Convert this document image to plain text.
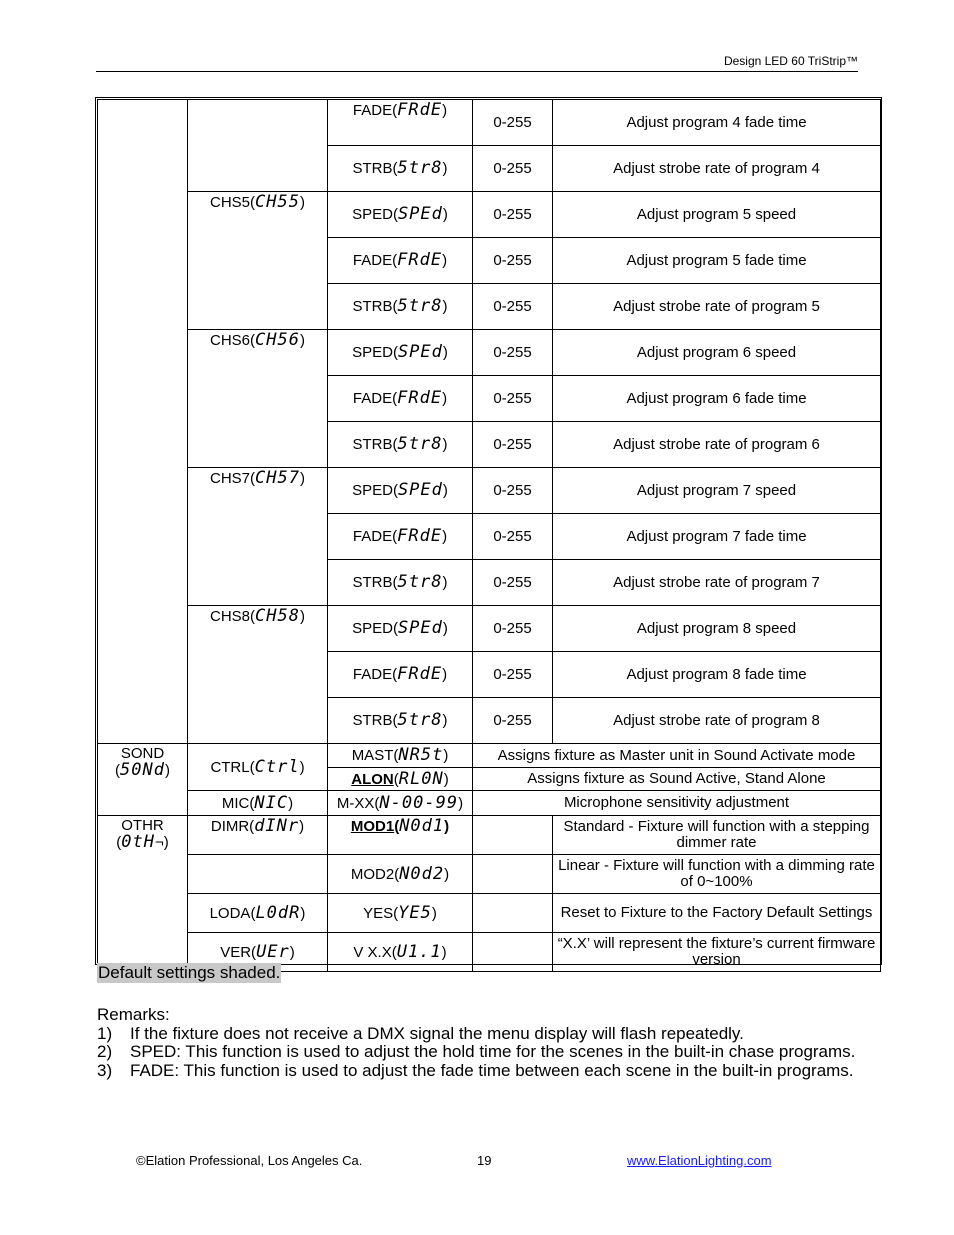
Design LED 60 TriStrip™
		FADE(FRdE)	0-255	Adjust program 4 fade time
		STRB(5tr8)	0-255	Adjust strobe rate of program 4
	CHS5(CH55)	SPED(SPEd)	0-255	Adjust program 5 speed
		FADE(FRdE)	0-255	Adjust program 5 fade time
		STRB(5tr8)	0-255	Adjust strobe rate of program 5
	CHS6(CH56)	SPED(SPEd)	0-255	Adjust program 6 speed
		FADE(FRdE)	0-255	Adjust program 6 fade time
		STRB(5tr8)	0-255	Adjust strobe rate of program 6
	CHS7(CH57)	SPED(SPEd)	0-255	Adjust program 7 speed
		FADE(FRdE)	0-255	Adjust program 7 fade time
		STRB(5tr8)	0-255	Adjust strobe rate of program 7
	CHS8(CH58)	SPED(SPEd)	0-255	Adjust program 8 speed
		FADE(FRdE)	0-255	Adjust program 8 fade time
		STRB(5tr8)	0-255	Adjust strobe rate of program 8
SOND
(50Nd)	CTRL(Ctrl)	MAST(NR5t)	Assigns fixture as Master unit in Sound Activate mode	
		ALON(RL0N)	Assigns fixture as Sound Active, Stand Alone	
	MIC(NIC)	M-XX(N-00-99)	Microphone sensitivity adjustment	
OTHR
(0tH¬)	DIMR(dINr)	MOD1(N0d1)		Standard - Fixture will function with a stepping dimmer rate
		MOD2(N0d2)		Linear - Fixture will function with a dimming rate of 0~100%
	LODA(L0dR)	YES(YE5)		Reset to Fixture to the Factory Default Settings
	VER(UEr)	V X.X(U1.1)		“X.X’ will represent the fixture’s current firmware version
Default settings shaded.
Remarks:
1) If the fixture does not receive a DMX signal the menu display will flash repeatedly.
2) SPED: This function is used to adjust the hold time for the scenes in the built-in chase programs.
3) FADE: This function is used to adjust the fade time between each scene in the built-in programs.
©Elation Professional, Los Angeles Ca.	19	www.ElationLighting.com
